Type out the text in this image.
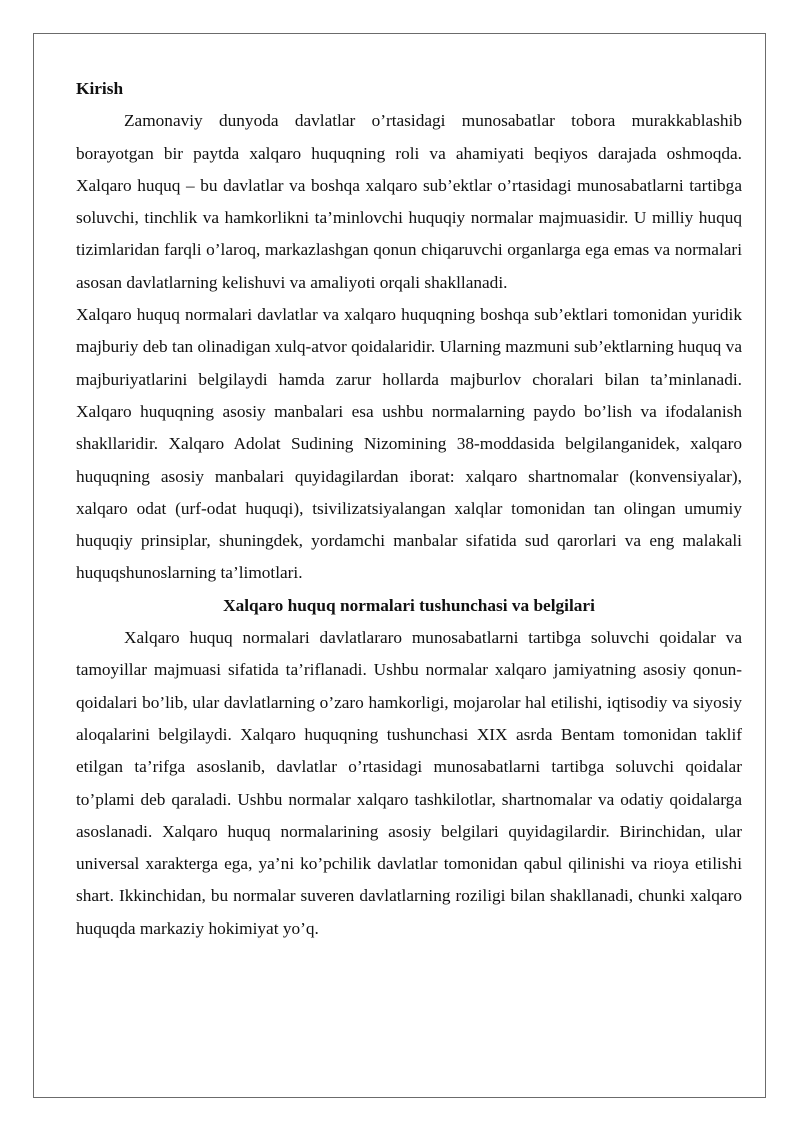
Kirish

Zamonaviy dunyoda davlatlar o’rtasidagi munosabatlar tobora murakkablashib borayotgan bir paytda xalqaro huquqning roli va ahamiyati beqiyos darajada oshmoqda. Xalqaro huquq – bu davlatlar va boshqa xalqaro sub’ektlar o’rtasidagi munosabatlarni tartibga soluvchi, tinchlik va hamkorlikni ta’minlovchi huquqiy normalar majmuasidir. U milliy huquq tizimlaridan farqli o’laroq, markazlashgan qonun chiqaruvchi organlarga ega emas va normalari asosan davlatlarning kelishuvi va amaliyoti orqali shakllanadi.

Xalqaro huquq normalari davlatlar va xalqaro huquqning boshqa sub’ektlari tomonidan yuridik majburiy deb tan olinadigan xulq-atvor qoidalaridir. Ularning mazmuni sub’ektlarning huquq va majburiyatlarini belgilaydi hamda zarur hollarda majburlov choralari bilan ta’minlanadi. Xalqaro huquqning asosiy manbalari esa ushbu normalarning paydo bo’lish va ifodalanish shakllaridir. Xalqaro Adolat Sudining Nizomining 38-moddasida belgilanganidek, xalqaro huquqning asosiy manbalari quyidagilardan iborat: xalqaro shartnomalar (konvensiyalar), xalqaro odat (urf-odat huquqi), tsivilizatsiyalangan xalqlar tomonidan tan olingan umumiy huquqiy prinsiplar, shuningdek, yordamchi manbalar sifatida sud qarorlari va eng malakali huquqshunoslarning ta’limotlari.

Xalqaro huquq normalari tushunchasi va belgilari

Xalqaro huquq normalari davlatlararo munosabatlarni tartibga soluvchi qoidalar va tamoyillar majmuasi sifatida ta’riflanadi. Ushbu normalar xalqaro jamiyatning asosiy qonun-qoidalari bo’lib, ular davlatlarning o’zaro hamkorligi, mojarolar hal etilishi, iqtisodiy va siyosiy aloqalarini belgilaydi. Xalqaro huquqning tushunchasi XIX asrda Bentam tomonidan taklif etilgan ta’rifga asoslanib, davlatlar o’rtasidagi munosabatlarni tartibga soluvchi qoidalar to’plami deb qaraladi. Ushbu normalar xalqaro tashkilotlar, shartnomalar va odatiy qoidalarga asoslanadi. Xalqaro huquq normalarining asosiy belgilari quyidagilardir. Birinchidan, ular universal xarakterga ega, ya’ni ko’pchilik davlatlar tomonidan qabul qilinishi va rioya etilishi shart. Ikkinchidan, bu normalar suveren davlatlarning roziligi bilan shakllanadi, chunki xalqaro huquqda markaziy hokimiyat yo’q.
